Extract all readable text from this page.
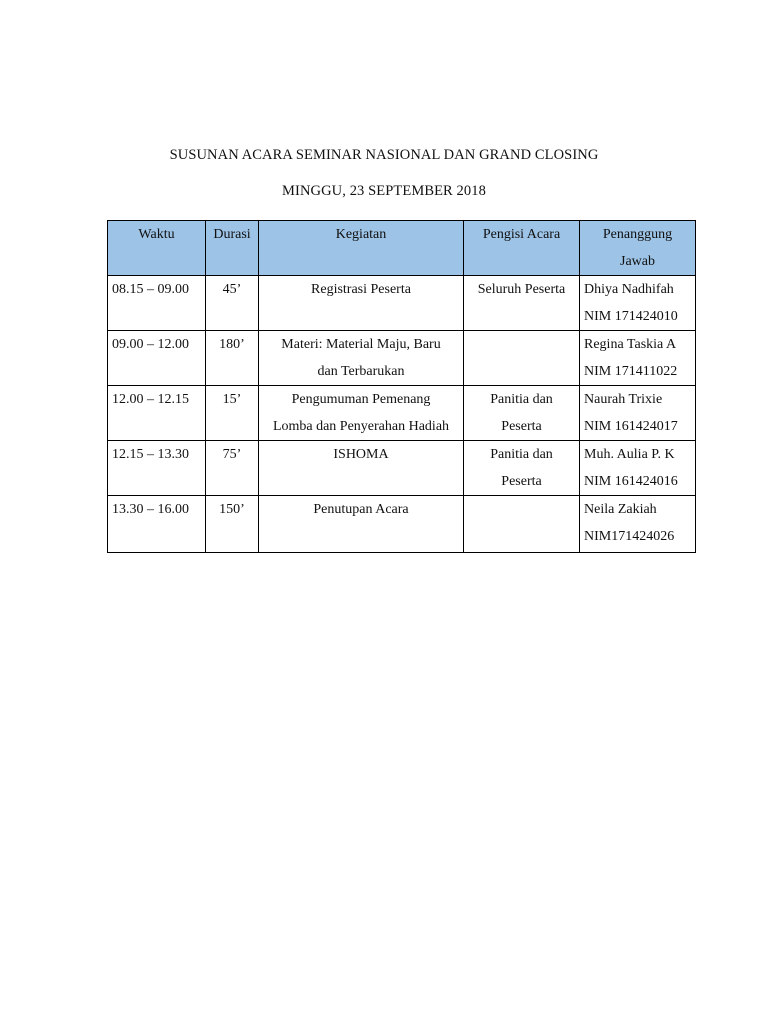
SUSUNAN ACARA SEMINAR NASIONAL DAN GRAND CLOSING
MINGGU, 23 SEPTEMBER 2018
Waktu	Durasi	Kegiatan	Pengisi Acara	Penanggung
Jawab

08.15 – 09.00	45’	Registrasi Peserta	Seluruh Peserta	Dhiya Nadhifah
NIM 171424010

09.00 – 12.00	180’	Materi: Material Maju, Baru
dan Terbarukan		Regina Taskia A
NIM 171411022

12.00 – 12.15	15’	Pengumuman Pemenang
Lomba dan Penyerahan Hadiah	Panitia dan
Peserta	Naurah Trixie
NIM 161424017

12.15 – 13.30	75’	ISHOMA	Panitia dan
Peserta	Muh. Aulia P. K
NIM 161424016

13.30 – 16.00	150’	Penutupan Acara		Neila Zakiah
NIM171424026
